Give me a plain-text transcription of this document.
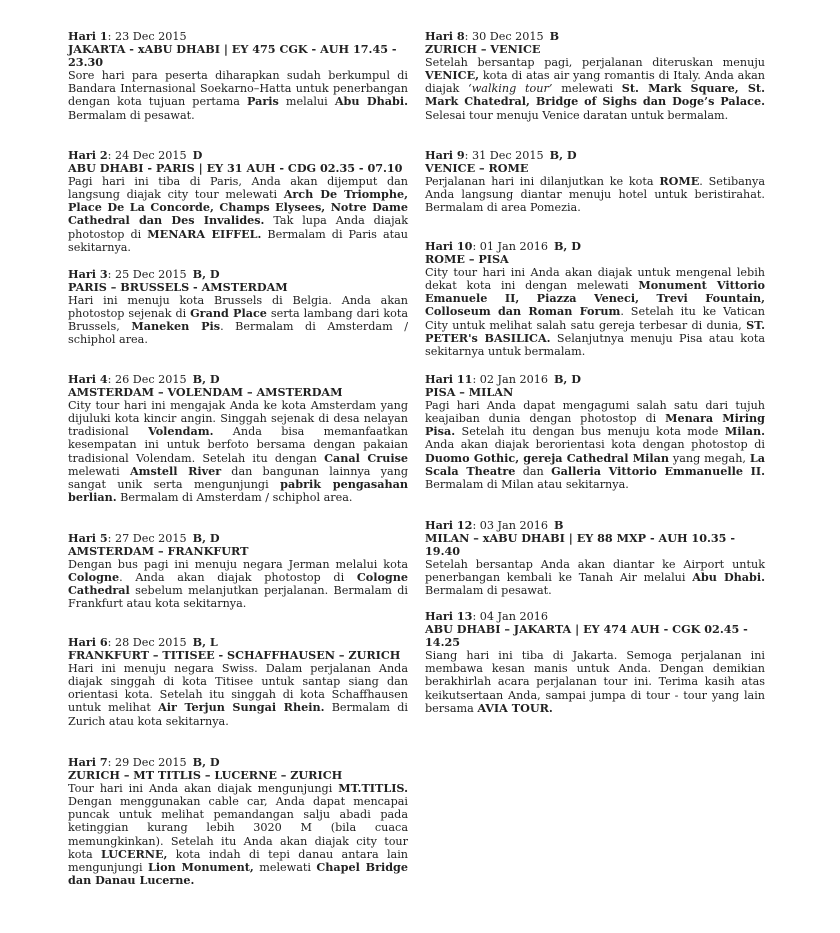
Hari 1: 23 Dec 2015

JAKARTA - xABU DHABI | EY 475 CGK - AUH 17.45 - 23.30

Sore hari para peserta diharapkan sudah berkumpul di Bandara Internasional Soekarno–Hatta untuk penerbangan dengan kota tujuan pertama Paris melalui Abu Dhabi. Bermalam di pesawat.

Hari 2: 24 Dec 2015 D

ABU DHABI - PARIS | EY 31 AUH - CDG 02.35 - 07.10

Pagi hari ini tiba di Paris, Anda akan dijemput dan langsung diajak city tour melewati Arch De Triomphe, Place De La Concorde, Champs Elysees, Notre Dame Cathedral dan Des Invalides. Tak lupa Anda diajak photostop di MENARA EIFFEL. Bermalam di Paris atau sekitarnya.

Hari 3: 25 Dec 2015 B, D

PARIS – BRUSSELS - AMSTERDAM

Hari ini menuju kota Brussels di Belgia. Anda akan photostop sejenak di Grand Place serta lambang dari kota Brussels, Maneken Pis. Bermalam di Amsterdam / schiphol area.

Hari 4: 26 Dec 2015 B, D

AMSTERDAM – VOLENDAM – AMSTERDAM

City tour hari ini mengajak Anda ke kota Amsterdam yang dijuluki kota kincir angin. Singgah sejenak di desa nelayan tradisional Volendam. Anda bisa memanfaatkan kesempatan ini untuk berfoto bersama dengan pakaian tradisional Volendam. Setelah itu dengan Canal Cruise melewati Amstell River dan bangunan lainnya yang sangat unik serta mengunjungi pabrik pengasahan berlian. Bermalam di Amsterdam / schiphol area.

Hari 5: 27 Dec 2015 B, D

AMSTERDAM – FRANKFURT

Dengan bus pagi ini menuju negara Jerman melalui kota Cologne. Anda akan diajak photostop di Cologne Cathedral sebelum melanjutkan perjalanan. Bermalam di Frankfurt atau kota sekitarnya.

Hari 6: 28 Dec 2015 B, L

FRANKFURT – TITISEE - SCHAFFHAUSEN – ZURICH

Hari ini menuju negara Swiss. Dalam perjalanan Anda diajak singgah di kota Titisee untuk santap siang dan orientasi kota. Setelah itu singgah di kota Schaffhausen untuk melihat Air Terjun Sungai Rhein. Bermalam di Zurich atau kota sekitarnya.

Hari 7: 29 Dec 2015 B, D

ZURICH – MT TITLIS – LUCERNE – ZURICH

Tour hari ini Anda akan diajak mengunjungi MT.TITLIS. Dengan menggunakan cable car, Anda dapat mencapai puncak untuk melihat pemandangan salju abadi pada ketinggian kurang lebih 3020 M (bila cuaca memungkinkan). Setelah itu Anda akan diajak city tour kota LUCERNE, kota indah di tepi danau antara lain mengunjungi Lion Monument, melewati Chapel Bridge dan Danau Lucerne.

Hari 8: 30 Dec 2015 B

ZURICH – VENICE

Setelah bersantap pagi, perjalanan diteruskan menuju VENICE, kota di atas air yang romantis di Italy. Anda akan diajak ‘walking tour’ melewati St. Mark Square, St. Mark Chatedral, Bridge of Sighs dan Doge’s Palace. Selesai tour menuju Venice daratan untuk bermalam.

Hari 9: 31 Dec 2015 B, D

VENICE – ROME

Perjalanan hari ini dilanjutkan ke kota ROME. Setibanya Anda langsung diantar menuju hotel untuk beristirahat. Bermalam di area Pomezia.

Hari 10: 01 Jan 2016 B, D

ROME – PISA

City tour hari ini Anda akan diajak untuk mengenal lebih dekat kota ini dengan melewati Monument Vittorio Emanuele II, Piazza Veneci, Trevi Fountain, Colloseum dan Roman Forum. Setelah itu ke Vatican City untuk melihat salah satu gereja terbesar di dunia, ST. PETER's BASILICA. Selanjutnya menuju Pisa atau kota sekitarnya untuk bermalam.

Hari 11: 02 Jan 2016 B, D

PISA – MILAN

Pagi hari Anda dapat mengagumi salah satu dari tujuh keajaiban dunia dengan photostop di Menara Miring Pisa. Setelah itu dengan bus menuju kota mode Milan. Anda akan diajak berorientasi kota dengan photostop di Duomo Gothic, gereja Cathedral Milan yang megah, La Scala Theatre dan Galleria Vittorio Emmanuelle II. Bermalam di Milan atau sekitarnya.

Hari 12: 03 Jan 2016 B

MILAN – xABU DHABI | EY 88 MXP - AUH 10.35 - 19.40

Setelah bersantap Anda akan diantar ke Airport untuk penerbangan kembali ke Tanah Air melalui Abu Dhabi. Bermalam di pesawat.

Hari 13: 04 Jan 2016

ABU DHABI – JAKARTA | EY 474 AUH - CGK 02.45 - 14.25

Siang hari ini tiba di Jakarta. Semoga perjalanan ini membawa kesan manis untuk Anda. Dengan demikian berakhirlah acara perjalanan tour ini. Terima kasih atas keikutsertaan Anda, sampai jumpa di tour - tour yang lain bersama AVIA TOUR.
